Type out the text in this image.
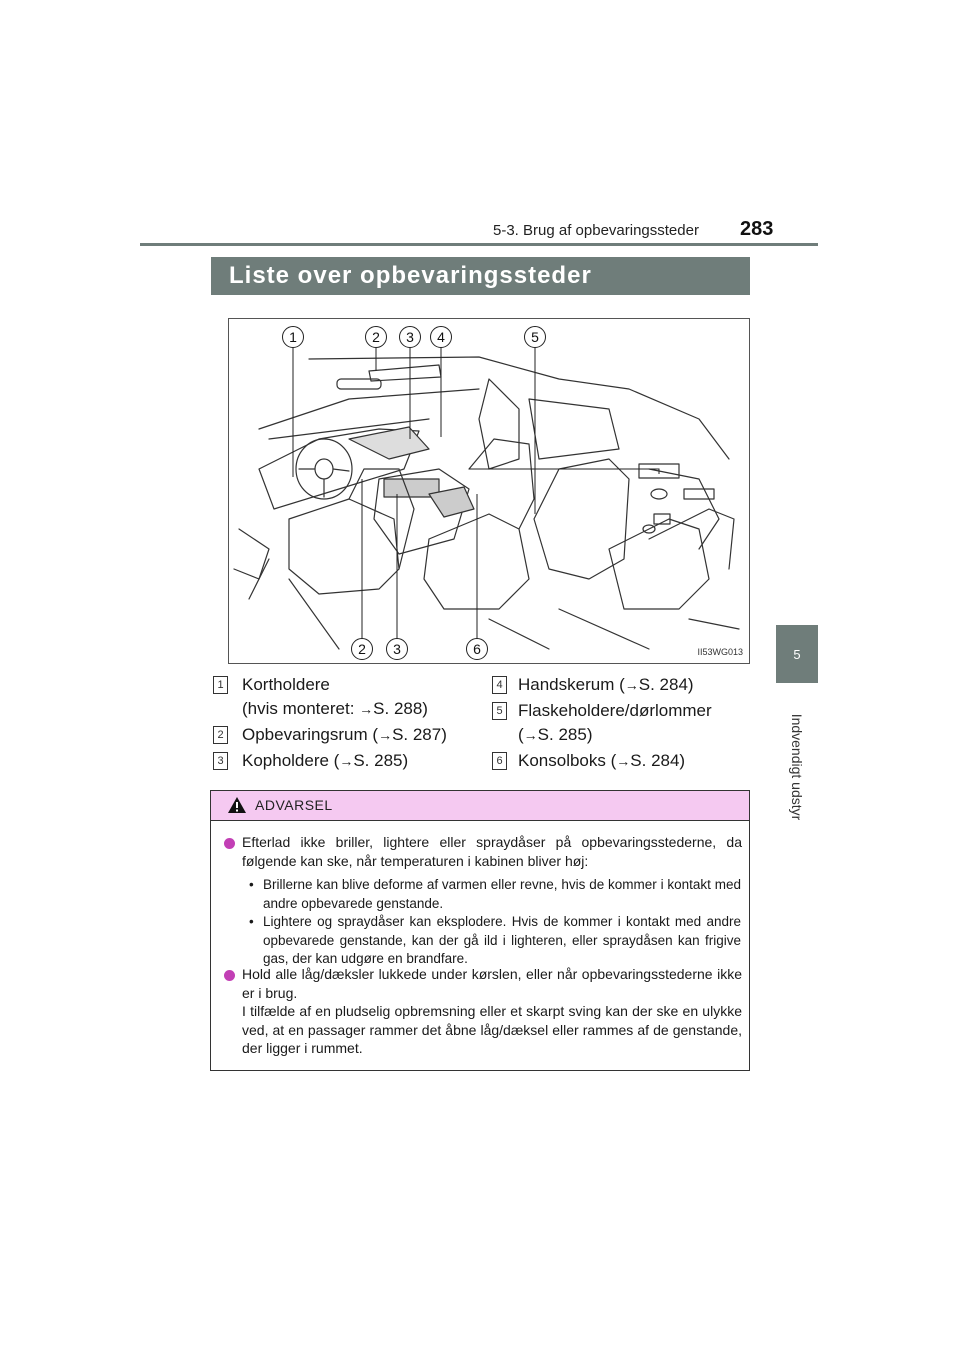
5-3. Brug af opbevaringssteder 283
5
Indvendigt udstyr
Liste over opbevaringssteder
1	2	3	4	5
2	3	6	II53WG013
1 Kortholdere
(hvis monteret: →S. 288)
2 Opbevaringsrum (→S. 287)
3 Kopholdere (→S. 285)
4 Handskerum (→S. 284)
5 Flaskeholdere/dørlommer
(→S. 285)
6 Konsolboks (→S. 284)
ADVARSEL
Efterlad ikke briller, lightere eller spraydåser på opbevaringsstederne, da følgende kan ske, når temperaturen i kabinen bliver høj:
• Brillerne kan blive deforme af varmen eller revne, hvis de kommer i kontakt med andre opbevarede genstande.
• Lightere og spraydåser kan eksplodere. Hvis de kommer i kontakt med andre opbevarede genstande, kan der gå ild i lighteren, eller spraydåsen kan frigive gas, der kan udgøre en brandfare.
Hold alle låg/dæksler lukkede under kørslen, eller når opbevaringsstederne ikke er i brug.
I tilfælde af en pludselig opbremsning eller et skarpt sving kan der ske en ulykke ved, at en passager rammer det åbne låg/dæksel eller rammes af de genstande, der ligger i rummet.
